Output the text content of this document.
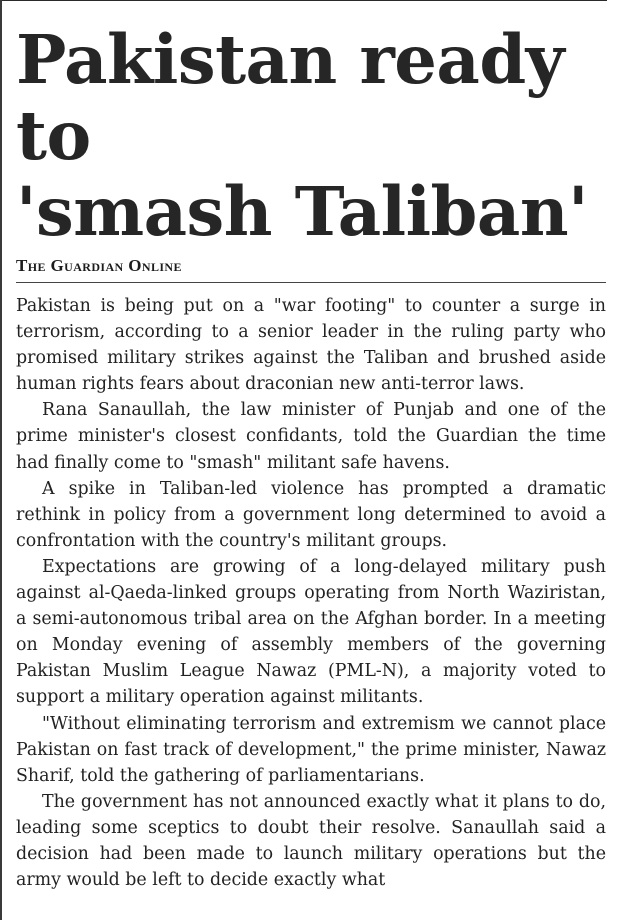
Pakistan ready to
'smash Taliban'
The Guardian Online

Pakistan is being put on a "war footing" to counter a surge in terrorism, according to a senior leader in the ruling party who promised military strikes against the Taliban and brushed aside human rights fears about draconian new anti-terror laws.

Rana Sanaullah, the law minister of Punjab and one of the prime minister's closest confidants, told the Guardian the time had finally come to "smash" militant safe havens.

A spike in Taliban-led violence has prompted a dramatic rethink in policy from a government long determined to avoid a confrontation with the country's militant groups.

Expectations are growing of a long-delayed military push against al-Qaeda-linked groups operating from North Waziristan, a semi-autonomous tribal area on the Afghan border. In a meeting on Monday evening of assembly members of the governing Pakistan Muslim League Nawaz (PML-N), a majority voted to support a military operation against militants.

"Without eliminating terrorism and extremism we cannot place Pakistan on fast track of development," the prime minister, Nawaz Sharif, told the gathering of parliamentarians.

The government has not announced exactly what it plans to do, leading some sceptics to doubt their resolve. Sanaullah said a decision had been made to launch military operations but the army would be left to decide exactly what
